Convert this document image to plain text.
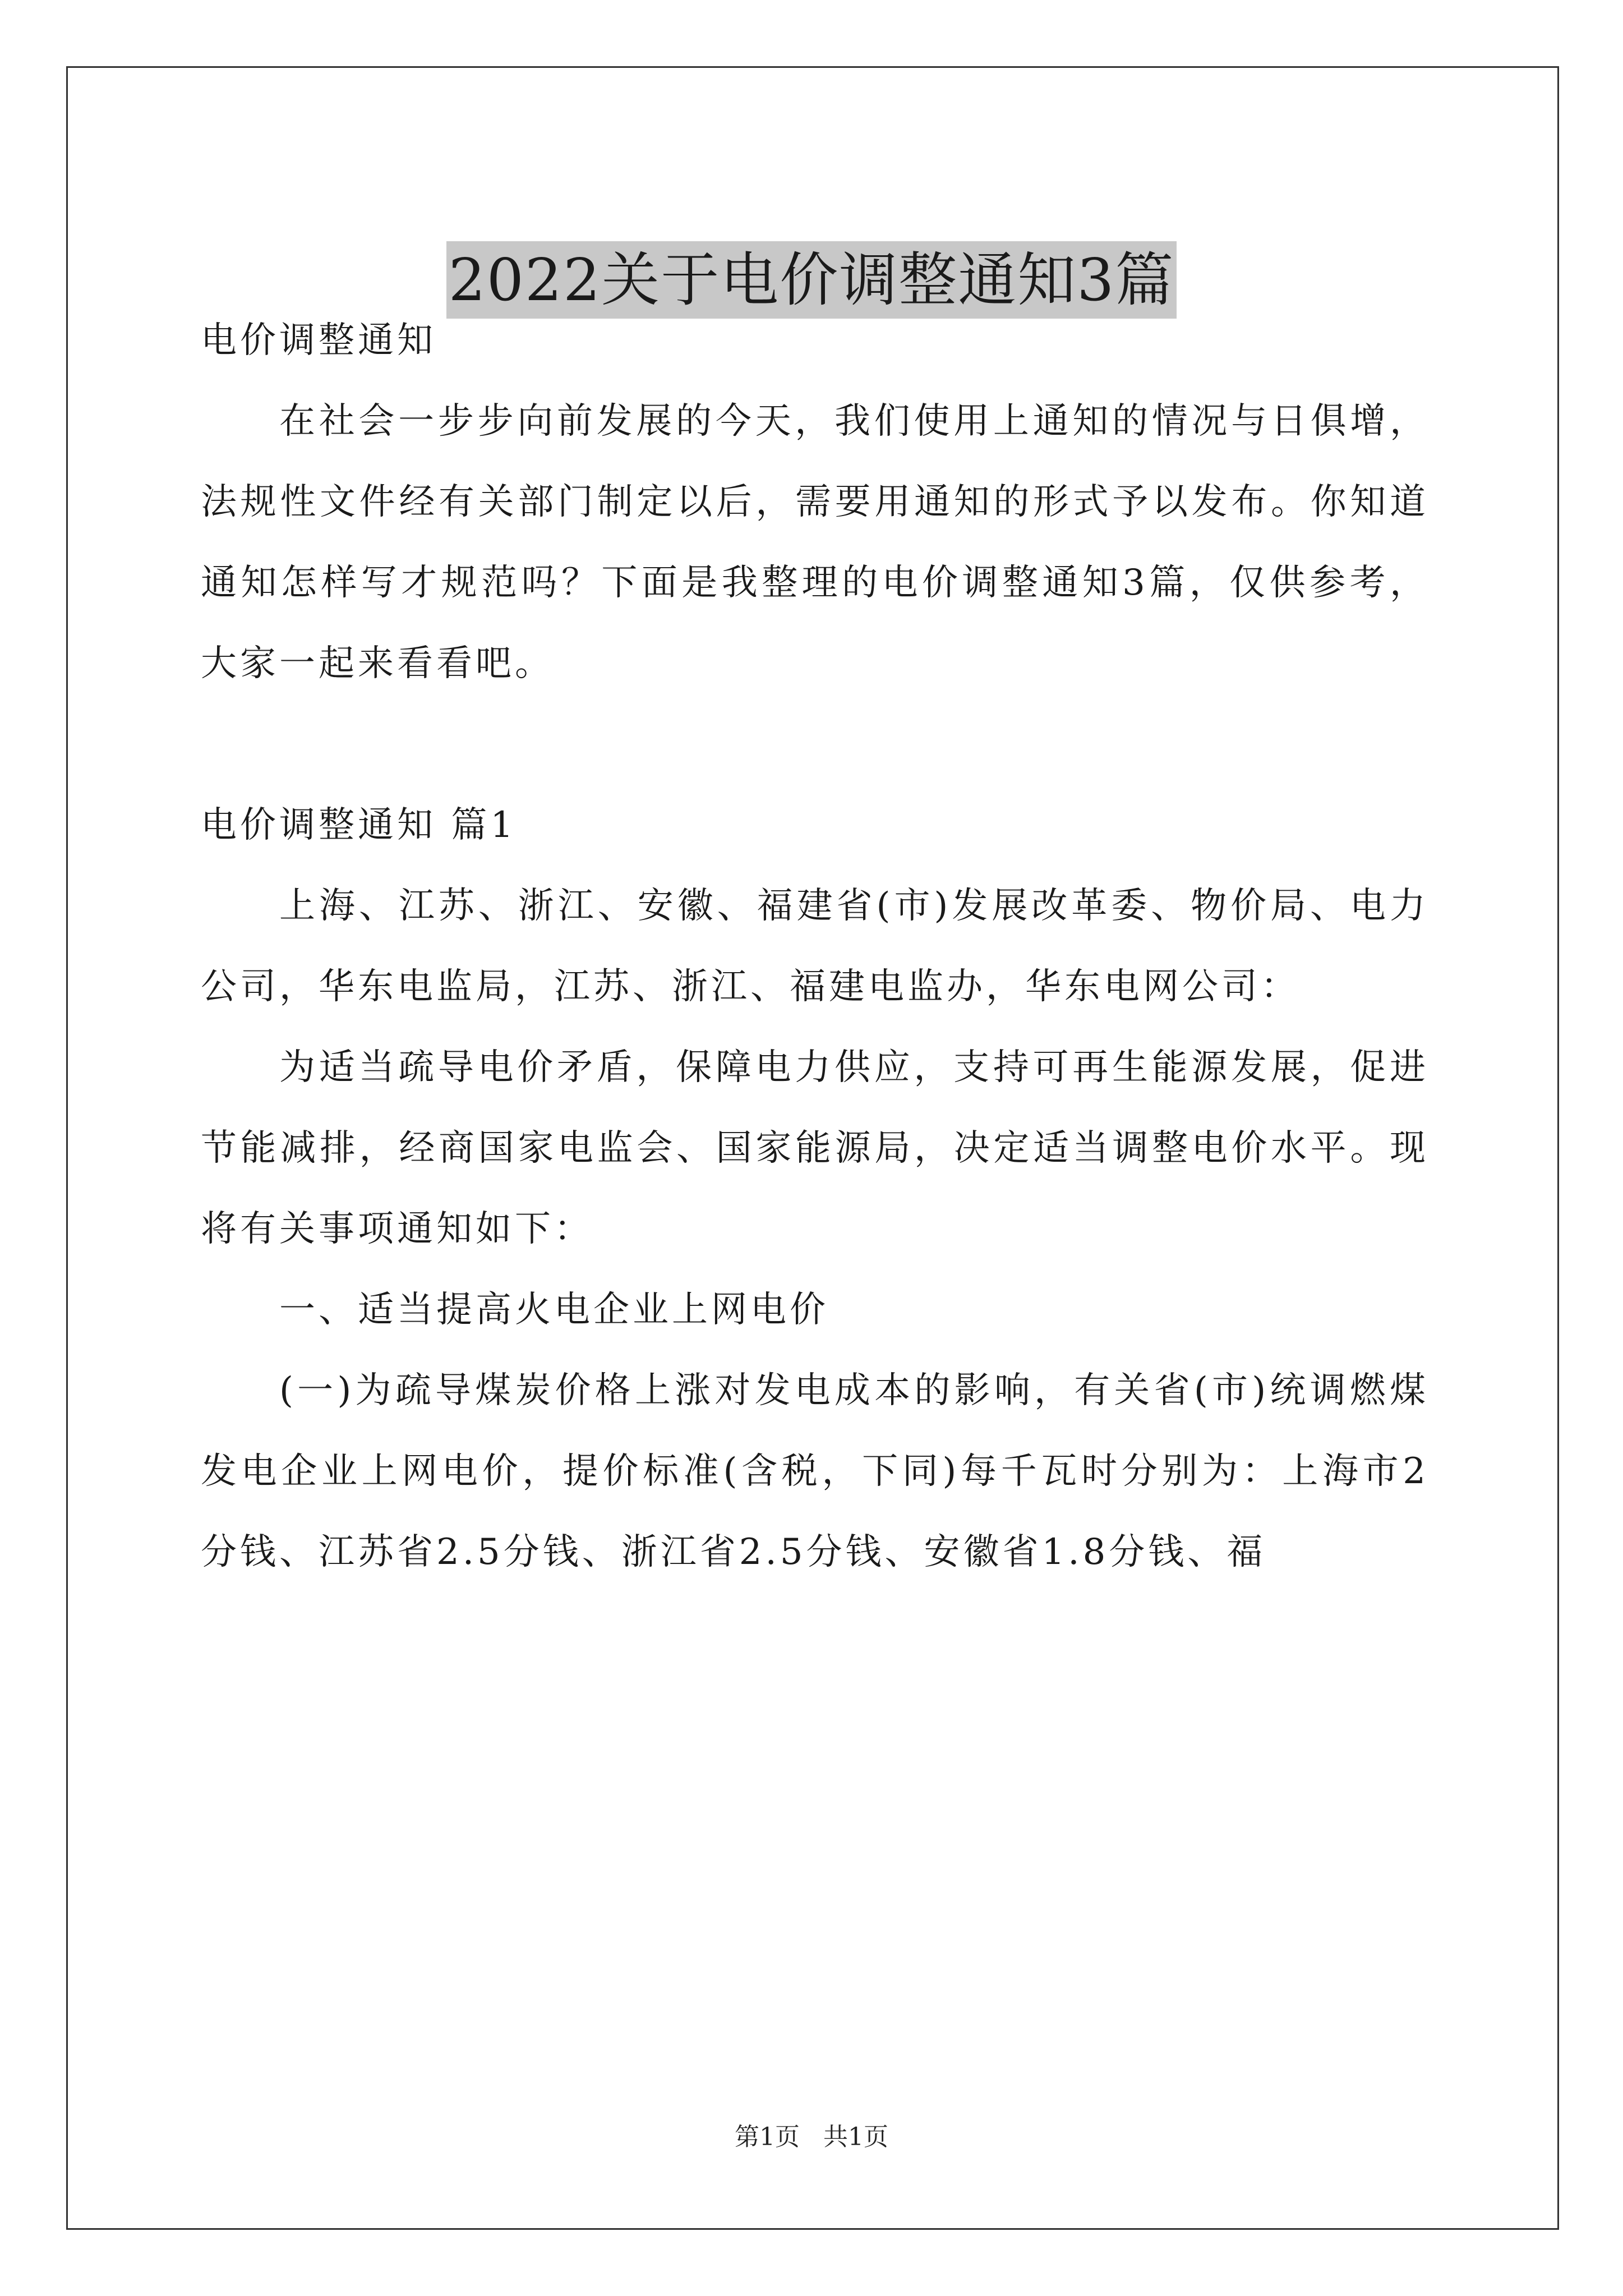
2022关于电价调整通知3篇

电价调整通知

在社会一步步向前发展的今天，我们使用上通知的情况与日俱增，法规性文件经有关部门制定以后，需要用通知的形式予以发布。你知道通知怎样写才规范吗？下面是我整理的电价调整通知3篇，仅供参考，大家一起来看看吧。

电价调整通知 篇1

上海、江苏、浙江、安徽、福建省(市)发展改革委、物价局、电力公司，华东电监局，江苏、浙江、福建电监办，华东电网公司：

为适当疏导电价矛盾，保障电力供应，支持可再生能源发展，促进节能减排，经商国家电监会、国家能源局，决定适当调整电价水平。现将有关事项通知如下：

一、适当提高火电企业上网电价

(一)为疏导煤炭价格上涨对发电成本的影响，有关省(市)统调燃煤发电企业上网电价，提价标准(含税，下同)每千瓦时分别为：上海市2分钱、江苏省2.5分钱、浙江省2.5分钱、安徽省1.8分钱、福

第1页 共1页
